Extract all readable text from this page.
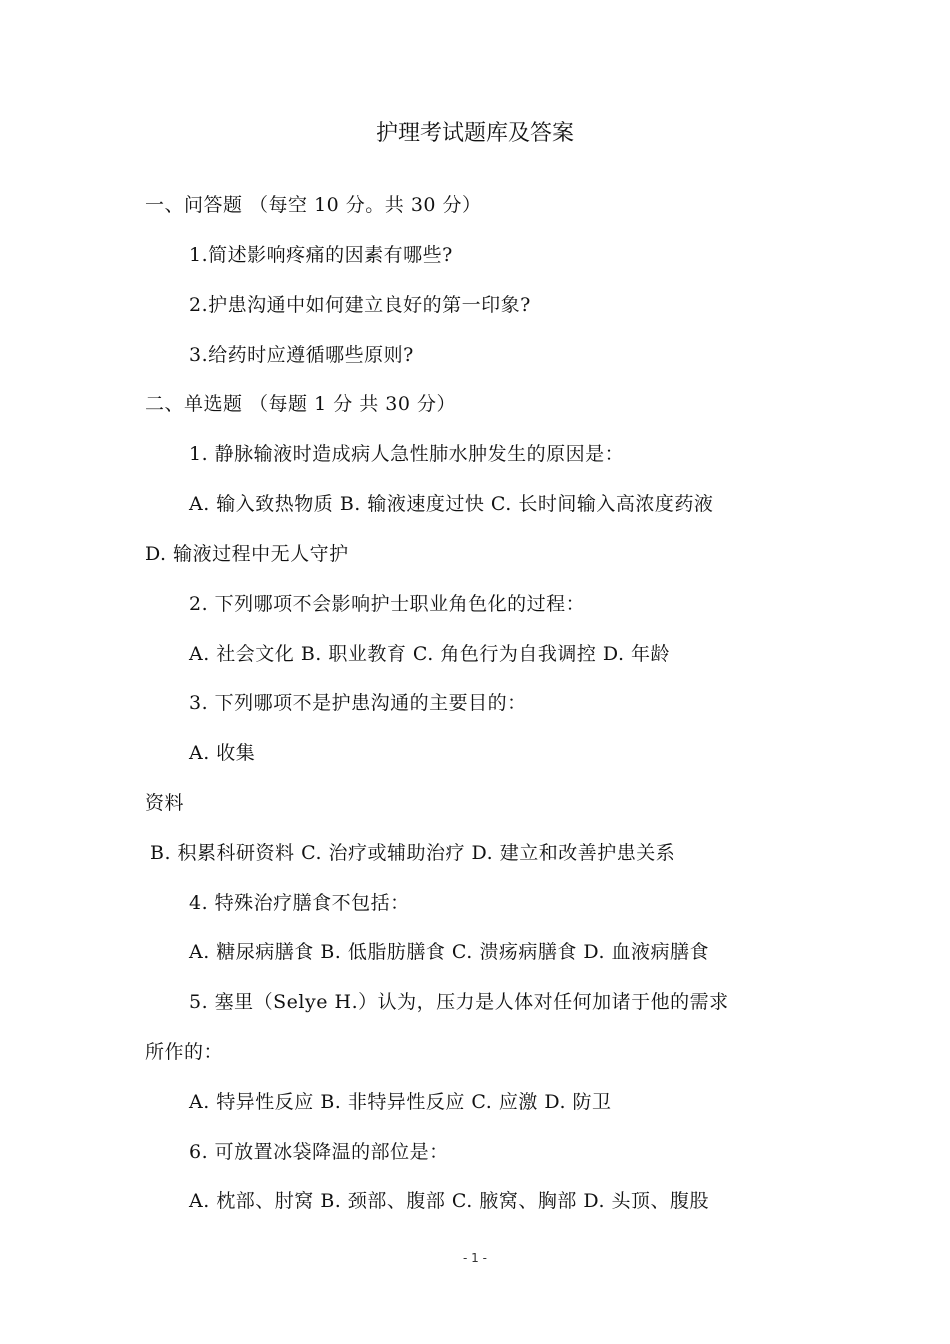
护理考试题库及答案
一、问答题 （每空 10 分。共 30 分）
1.简述影响疼痛的因素有哪些?
2.护患沟通中如何建立良好的第一印象?
3.给药时应遵循哪些原则?
二、单选题 （每题 1 分 共 30 分）
1. 静脉输液时造成病人急性肺水肿发生的原因是：
A. 输入致热物质 B. 输液速度过快 C. 长时间输入高浓度药液
D. 输液过程中无人守护
2. 下列哪项不会影响护士职业角色化的过程：
A. 社会文化 B. 职业教育 C. 角色行为自我调控 D. 年龄
3. 下列哪项不是护患沟通的主要目的：
A. 收集
资料
B. 积累科研资料 C. 治疗或辅助治疗 D. 建立和改善护患关系
4. 特殊治疗膳食不包括：
A. 糖尿病膳食 B. 低脂肪膳食 C. 溃疡病膳食 D. 血液病膳食
5. 塞里（Selye H.）认为，压力是人体对任何加诸于他的需求
所作的：
A. 特异性反应 B. 非特异性反应 C. 应激 D. 防卫
6. 可放置冰袋降温的部位是：
A. 枕部、肘窝 B. 颈部、腹部 C. 腋窝、胸部 D. 头顶、腹股
- 1 -
